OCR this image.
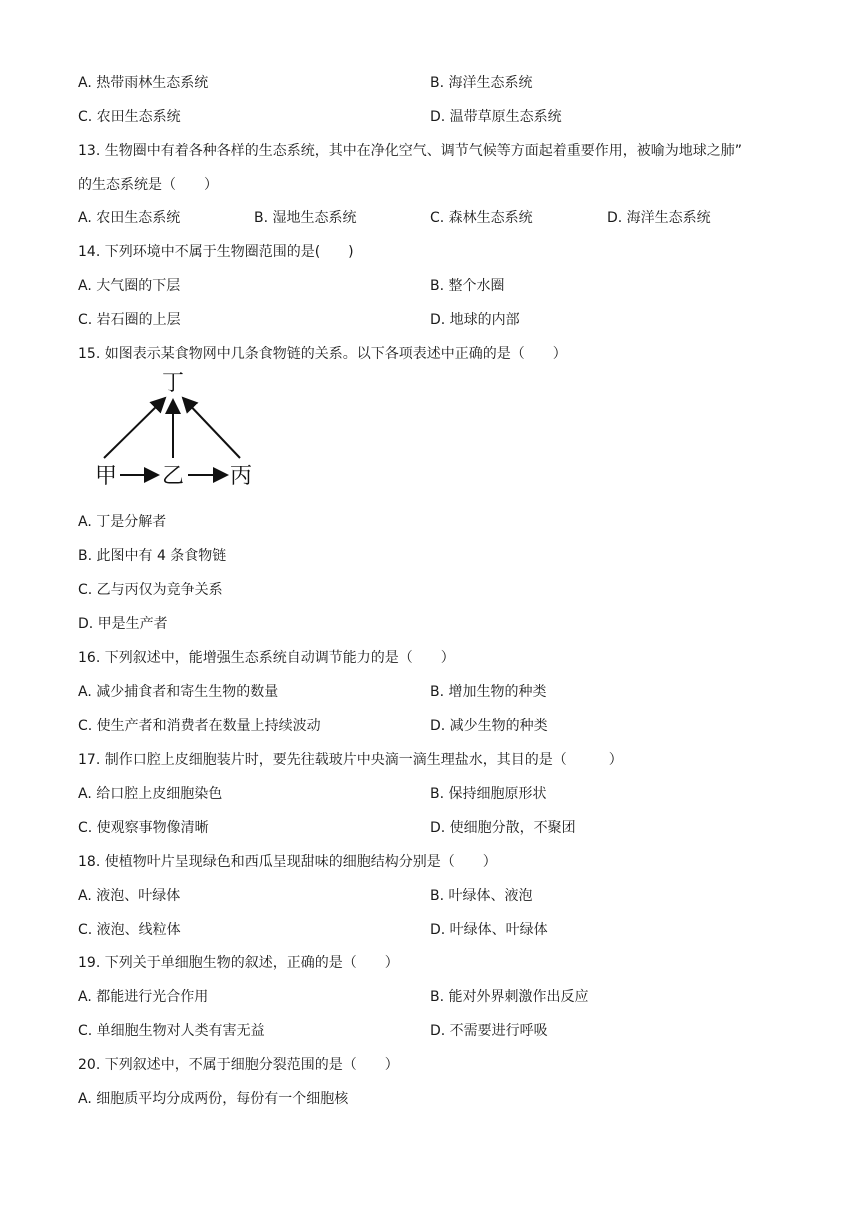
A. 热带雨林生态系统	B. 海洋生态系统
C. 农田生态系统	D. 温带草原生态系统
13. 生物圈中有着各种各样的生态系统，其中在净化空气、调节气候等方面起着重要作用，被喻为地球之肺”
的生态系统是（　　）
A. 农田生态系统	B. 湿地生态系统	C. 森林生态系统	D. 海洋生态系统
14. 下列环境中不属于生物圈范围的是(　　)
A. 大气圈的下层	B. 整个水圈
C. 岩石圈的上层	D. 地球的内部
15. 如图表示某食物网中几条食物链的关系。以下各项表述中正确的是（　　）
丁
甲 乙 丙
A. 丁是分解者
B. 此图中有 4 条食物链
C. 乙与丙仅为竞争关系
D. 甲是生产者
16. 下列叙述中，能增强生态系统自动调节能力的是（　　）
A. 减少捕食者和寄生生物的数量	B. 增加生物的种类
C. 使生产者和消费者在数量上持续波动	D. 减少生物的种类
17. 制作口腔上皮细胞装片时，要先往载玻片中央滴一滴生理盐水，其目的是（　　　）
A. 给口腔上皮细胞染色	B. 保持细胞原形状
C. 使观察事物像清晰	D. 使细胞分散，不聚团
18. 使植物叶片呈现绿色和西瓜呈现甜味的细胞结构分别是（　　）
A. 液泡、叶绿体	B. 叶绿体、液泡
C. 液泡、线粒体	D. 叶绿体、叶绿体
19. 下列关于单细胞生物的叙述，正确的是（　　）
A. 都能进行光合作用	B. 能对外界刺激作出反应
C. 单细胞生物对人类有害无益	D. 不需要进行呼吸
20. 下列叙述中，不属于细胞分裂范围的是（　　）
A. 细胞质平均分成两份，每份有一个细胞核
